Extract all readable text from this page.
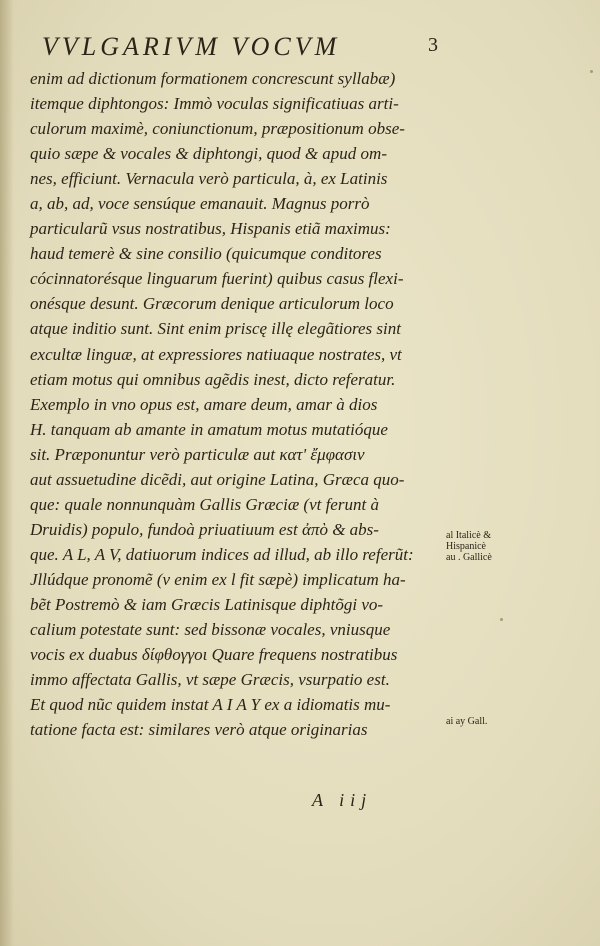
VVLGARIVM VOCVM	3
enim ad dictionum formationem concrescunt syllabæ)
itemque diphtongos: Immò voculas significatiuas arti-
culorum maximè, coniunctionum, præpositionum obse-
quio sæpe & vocales & diphtongi, quod & apud om-
nes, efficiunt. Vernacula verò particula, à, ex Latinis
a, ab, ad, voce sensúque emanauit. Magnus porrò
particularũ vsus nostratibus, Hispanis etiã maximus:
haud temerè & sine consilio (quicumque conditores
cócinnatorésque linguarum fuerint) quibus casus flexi-
onésque desunt. Græcorum denique articulorum loco
atque inditio sunt. Sint enim priscę illę elegãtiores sint
excultæ linguæ, at expressiores natiuaque nostrates, vt
etiam motus qui omnibus agẽdis inest, dicto referatur.
Exemplo in vno opus est, amare deum, amar à dios
H. tanquam ab amante in amatum motus mutatióque
sit. Præponuntur verò particulæ aut κατ' ἔμφασιν
aut assuetudine dicẽdi, aut origine Latina, Græca quo-
que: quale nonnunquàm Gallis Græciæ (vt ferunt à
Druidis) populo, fundoà priuatiuum est ἀπὸ & abs-
que. A L, A V, datiuorum indices ad illud, ab illo referũt:
Jllúdque pronomẽ (v enim ex l fit sæpè) implicatum ha-
bẽt Postremò & iam Græcis Latinisque diphtõgi vo-
calium potestate sunt: sed bissonæ vocales, vniusque
vocis ex duabus δίφθογγοι Quare frequens nostratibus
immo affectata Gallis, vt sæpe Græcis, vsurpatio est.
Et quod nũc quidem instat A I A Y ex a idiomatis mu-
tatione facta est: similares verò atque originarias
al Italicè &
Hispanicè
au . Gallicè
ai ay Gall.
A iij
